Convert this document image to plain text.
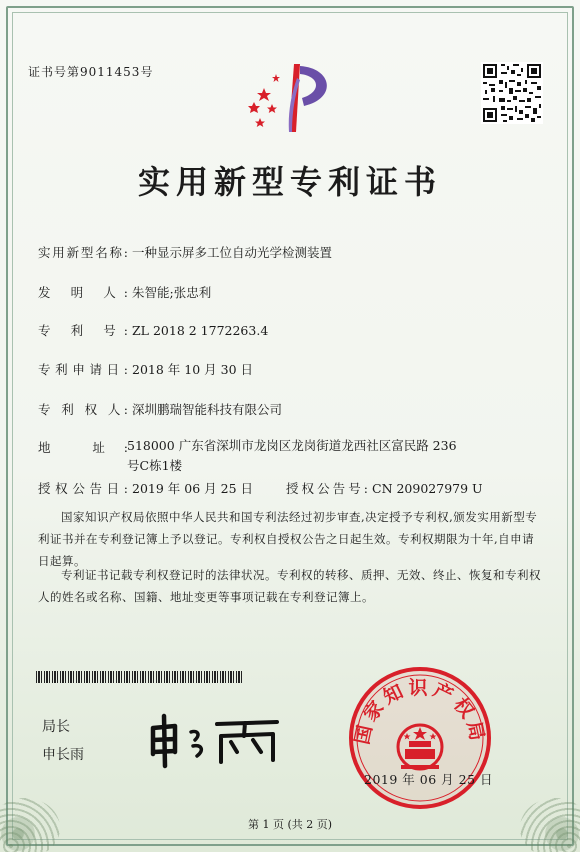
证书号第9011453号
实用新型专利证书
实用新型名称: 一种显示屏多工位自动光学检测装置
发 明 人: 朱智能;张忠利
专 利 号: ZL 2018 2 1772263.4
专利申请日: 2018 年 10 月 30 日
专 利 权 人: 深圳鹏瑞智能科技有限公司
地 址: 518000 广东省深圳市龙岗区龙岗街道龙西社区富民路 236 号C栋1楼
授权公告日: 2019 年 06 月 25 日	授权公告号: CN 209027979 U
国家知识产权局依照中华人民共和国专利法经过初步审查,决定授予专利权,颁发实用新型专利证书并在专利登记簿上予以登记。专利权自授权公告之日起生效。专利权期限为十年,自申请日起算。
专利证书记载专利权登记时的法律状况。专利权的转移、质押、无效、终止、恢复和专利权人的姓名或名称、国籍、地址变更等事项记载在专利登记簿上。
局长
申长雨
国家知识产权局
2019 年 06 月 25 日
第 1 页 (共 2 页)
